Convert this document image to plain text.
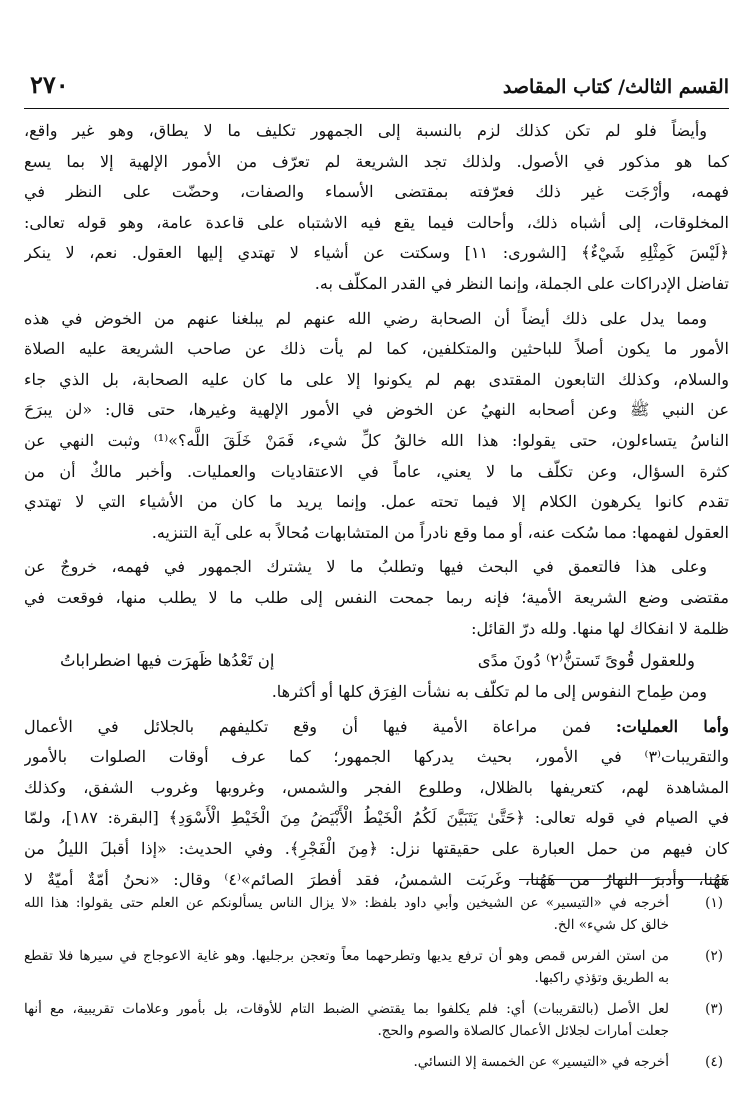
القسم الثالث/ كتاب المقاصد
٢٧٠
وأيضاً فلو لم تكن كذلك لزم بالنسبة إلى الجمهور تكليف ما لا يطاق، وهو غير واقع،
كما هو مذكور في الأصول. ولذلك تجد الشريعة لم تعرّف من الأمور الإلهية إلا بما يسع
فهمه، وأرْجَت غير ذلك فعرّفته بمقتضى الأسماء والصفات، وحضّت على النظر في
المخلوقات، إلى أشباه ذلك، وأحالت فيما يقع فيه الاشتباه على قاعدة عامة، وهو قوله تعالى:
﴿لَيْسَ كَمِثْلِهِ شَيْءٌ﴾ [الشورى: ١١] وسكتت عن أشياء لا تهتدي إليها العقول. نعم، لا ينكر
تفاضل الإدراكات على الجملة، وإنما النظر في القدر المكلّف به.
ومما يدل على ذلك أيضاً أن الصحابة رضي الله عنهم لم يبلغنا عنهم من الخوض في هذه
الأمور ما يكون أصلاً للباحثين والمتكلفين، كما لم يأت ذلك عن صاحب الشريعة عليه الصلاة
والسلام، وكذلك التابعون المقتدى بهم لم يكونوا إلا على ما كان عليه الصحابة، بل الذي جاء
عن النبي ﷺ وعن أصحابه النهيُ عن الخوض في الأمور الإلهية وغيرها، حتى قال: «لن يبرَحَ
الناسُ يتساءلون، حتى يقولوا: هذا الله خالقُ كلِّ شيء، فَمَنْ خَلَقَ اللَّه؟»⁽¹⁾ وثبت النهي عن
كثرة السؤال، وعن تكلّف ما لا يعني، عاماً في الاعتقاديات والعمليات. وأخبر مالكٌ أن من
تقدم كانوا يكرهون الكلام إلا فيما تحته عمل. وإنما يريد ما كان من الأشياء التي لا تهتدي
العقول لفهمها: مما سُكت عنه، أو مما وقع نادراً من المتشابهات مُحالاً به على آية التنزيه.
وعلى هذا فالتعمق في البحث فيها وتطلبُ ما لا يشترك الجمهور في فهمه، خروجٌ عن
مقتضى وضع الشريعة الأمية؛ فإنه ربما جمحت النفس إلى طلب ما لا يطلب منها، فوقعت في
ظلمة لا انفكاك لها منها. ولله درّ القائل:
وللعقول قُوىً تَستنُّ⁽٢⁾ دُونَ مدًى
إن تَعْدُها ظَهرَت فيها اضطراباتُ
ومن طِماح النفوس إلى ما لم تكلّف به نشأت الفِرَق كلها أو أكثرها.
وأما العمليات: فمن مراعاة الأمية فيها أن وقع تكليفهم بالجلائل في الأعمال
والتقريبات⁽٣⁾ في الأمور، بحيث يدركها الجمهور؛ كما عرف أوقات الصلوات بالأمور
المشاهدة لهم، كتعريفها بالظلال، وطلوع الفجر والشمس، وغروبها وغروب الشفق، وكذلك
في الصيام في قوله تعالى: ﴿حَتَّىٰ يَتَبَيَّنَ لَكُمُ الْخَيْطُ الْأَبْيَضُ مِنَ الْخَيْطِ الْأَسْوَدِ﴾ [البقرة: ١٨٧]، ولمّا
كان فيهم من حمل العبارة على حقيقتها نزل: ﴿مِنَ الْفَجْرِ﴾. وفي الحديث: «إذا أقبلَ الليلُ من
هَهُنا، وأدبرَ النهارُ من هَهُنا، وغَربَت الشمسُ، فقد أفطرَ الصائم»⁽٤⁾ وقال: «نحنُ أمّةٌ أميّةٌ لا
(١)
أخرجه في «التيسير» عن الشيخين وأبي داود بلفظ: «لا يزال الناس يسألونكم عن العلم حتى يقولوا: هذا الله
خالق كل شيء» الخ.
(٢)
من استن الفرس قمص وهو أن ترفع يديها وتطرحهما معاً وتعجن برجليها. وهو غاية الاعوجاج في سيرها فلا تقطع
به الطريق وتؤذي راكبها.
(٣)
لعل الأصل (بالتقريبات) أي: فلم يكلفوا بما يقتضي الضبط التام للأوقات، بل بأمور وعلامات تقريبية، مع أنها
جعلت أمارات لجلائل الأعمال كالصلاة والصوم والحج.
(٤)
أخرجه في «التيسير» عن الخمسة إلا النسائي.
